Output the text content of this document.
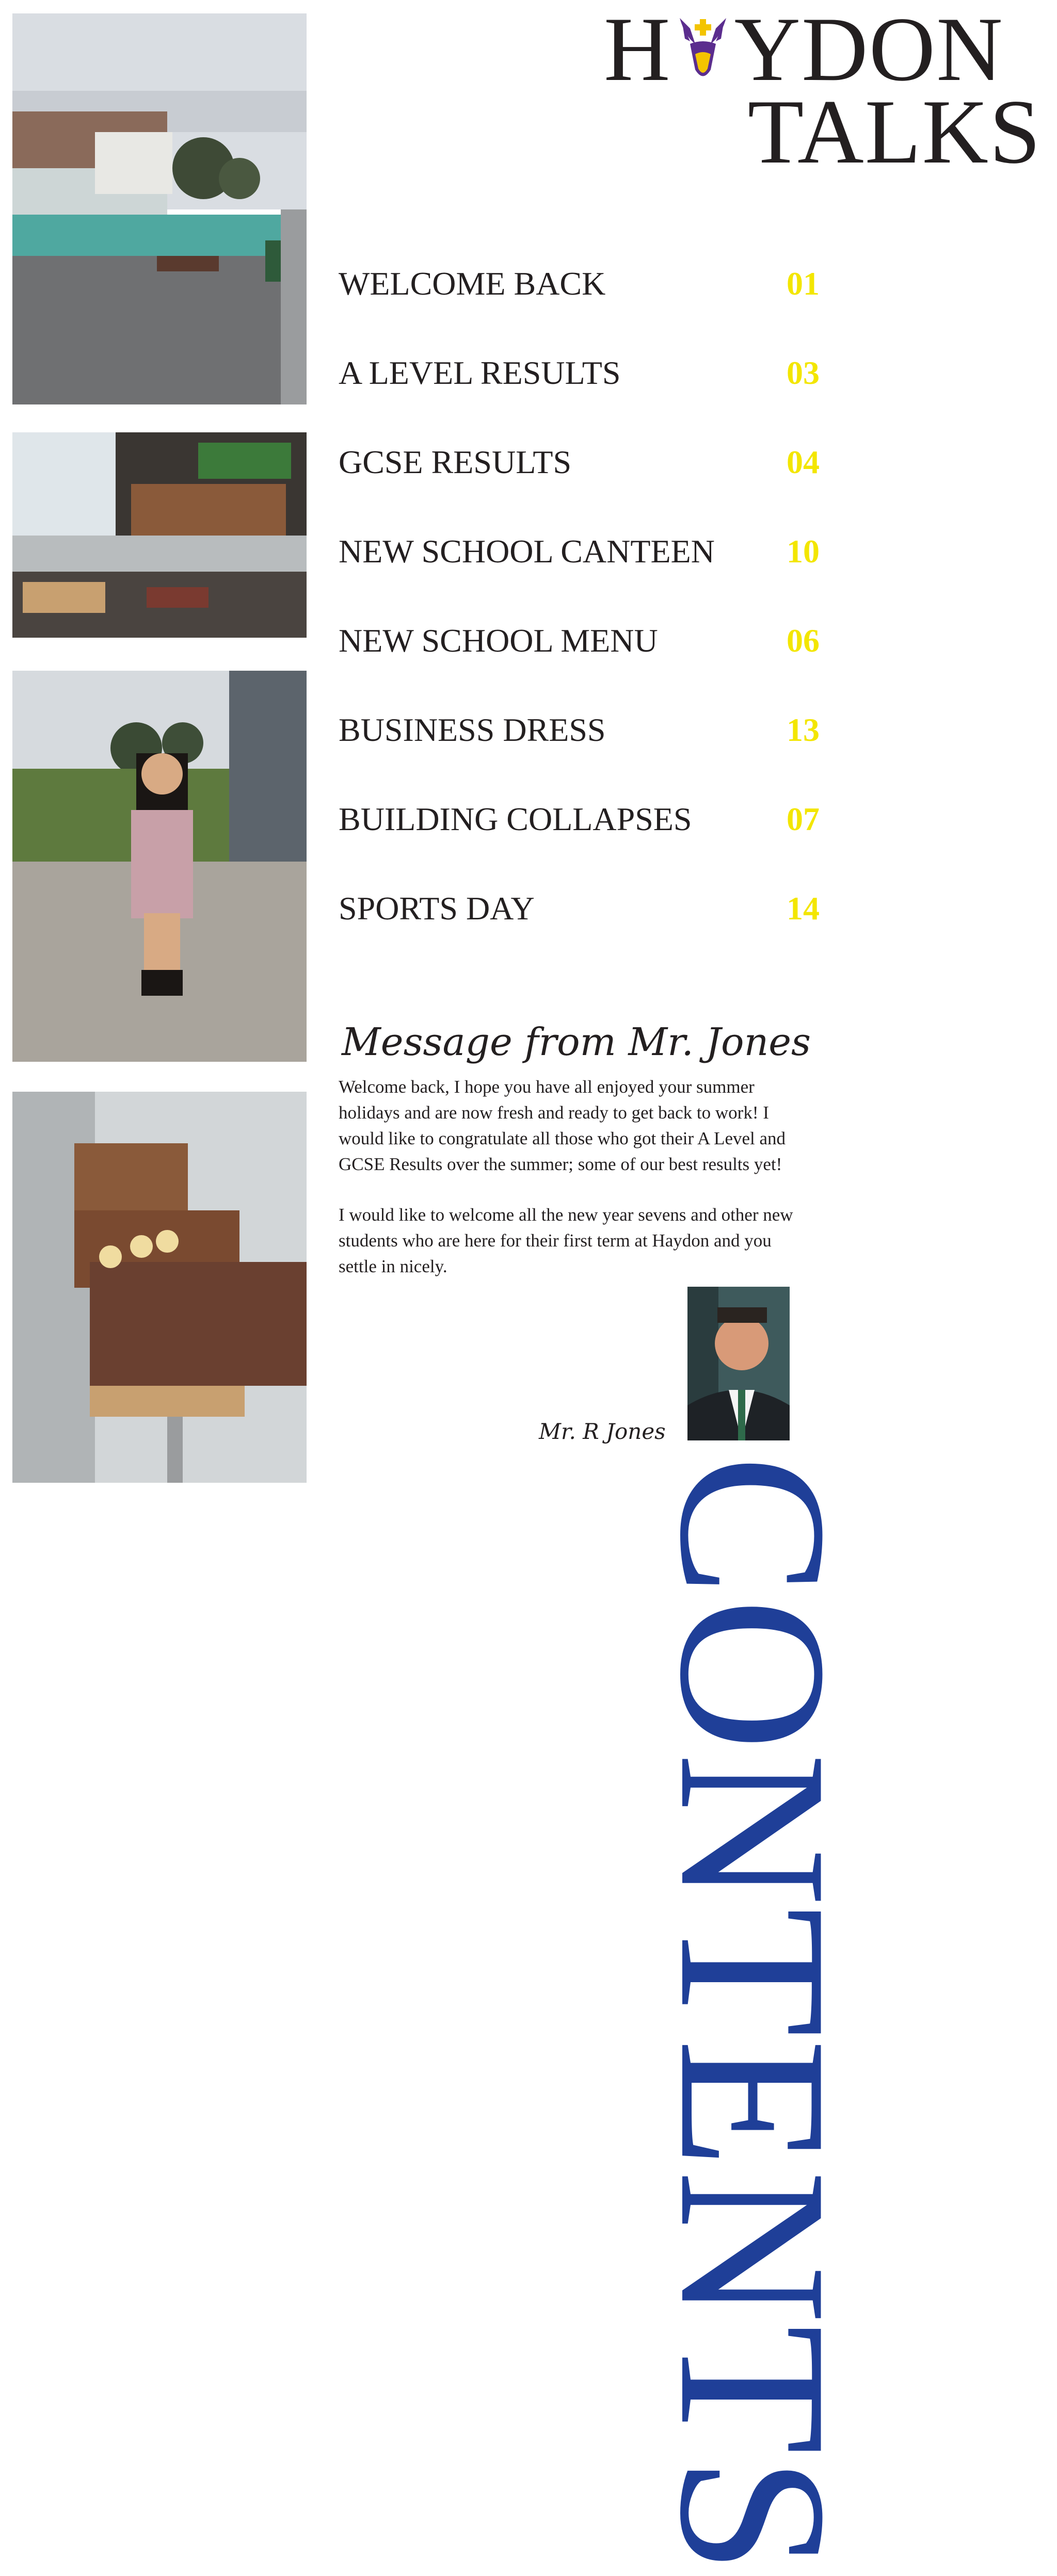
H YDON
TALKS
CONTENTS
WELCOME BACK	01
A LEVEL RESULTS	03
GCSE RESULTS	04
NEW SCHOOL CANTEEN 10
NEW SCHOOL MENU	06
BUSINESS DRESS	13
BUILDING COLLAPSES	07
SPORTS DAY	14
Message from Mr. Jones

Welcome back, I hope you have all enjoyed your summer holidays and are now fresh and ready to get back to work! I would like to congratulate all those who got their A Level and GCSE Results over the summer; some of our best results yet!

I would like to welcome all the new year sevens and other new students who are here for their first term at Haydon and you settle in nicely.

Mr. R Jones
